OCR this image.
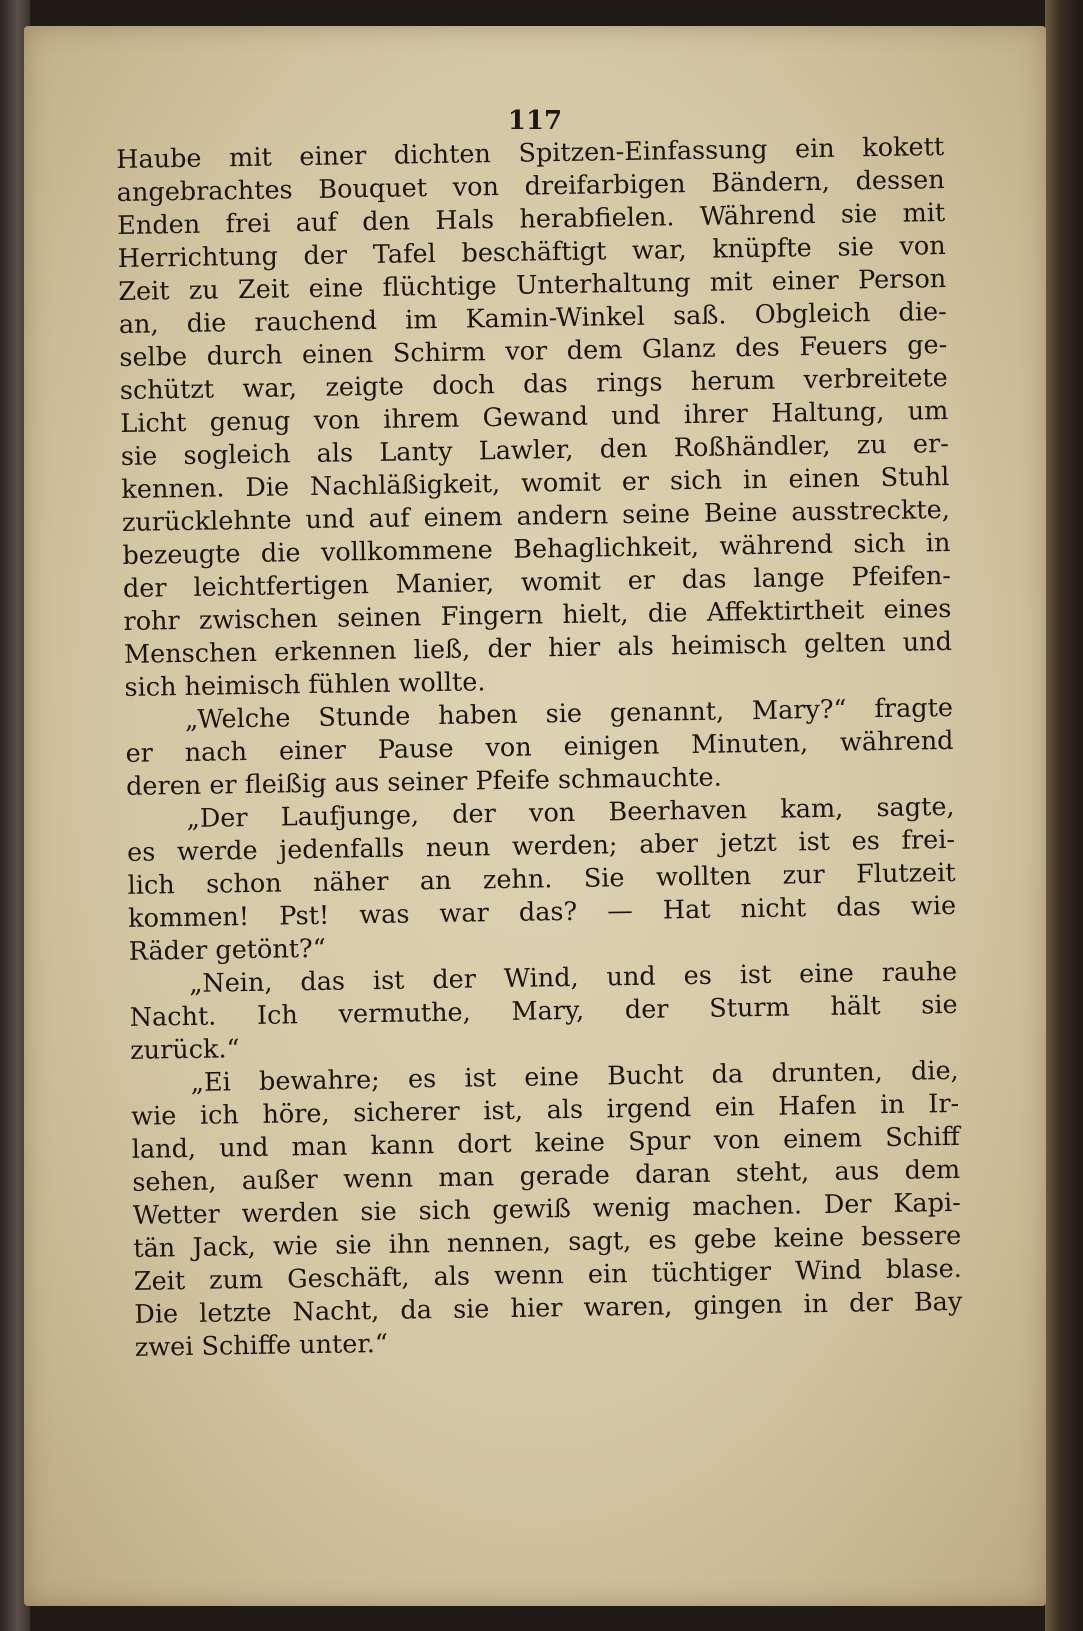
117
Haube mit einer dichten Spitzen-Einfassung ein kokett
angebrachtes Bouquet von dreifarbigen Bändern, dessen
Enden frei auf den Hals herabfielen. Während sie mit
Herrichtung der Tafel beschäftigt war, knüpfte sie von
Zeit zu Zeit eine flüchtige Unterhaltung mit einer Person
an, die rauchend im Kamin-Winkel saß. Obgleich die-
selbe durch einen Schirm vor dem Glanz des Feuers ge-
schützt war, zeigte doch das rings herum verbreitete
Licht genug von ihrem Gewand und ihrer Haltung, um
sie sogleich als Lanty Lawler, den Roßhändler, zu er-
kennen. Die Nachläßigkeit, womit er sich in einen Stuhl
zurücklehnte und auf einem andern seine Beine ausstreckte,
bezeugte die vollkommene Behaglichkeit, während sich in
der leichtfertigen Manier, womit er das lange Pfeifen-
rohr zwischen seinen Fingern hielt, die Affektirtheit eines
Menschen erkennen ließ, der hier als heimisch gelten und
sich heimisch fühlen wollte.
„Welche Stunde haben sie genannt, Mary?“ fragte
er nach einer Pause von einigen Minuten, während
deren er fleißig aus seiner Pfeife schmauchte.
„Der Laufjunge, der von Beerhaven kam, sagte,
es werde jedenfalls neun werden; aber jetzt ist es frei-
lich schon näher an zehn. Sie wollten zur Flutzeit
kommen! Pst! was war das? — Hat nicht das wie
Räder getönt?“
„Nein, das ist der Wind, und es ist eine rauhe
Nacht. Ich vermuthe, Mary, der Sturm hält sie
zurück.“
„Ei bewahre; es ist eine Bucht da drunten, die,
wie ich höre, sicherer ist, als irgend ein Hafen in Ir-
land, und man kann dort keine Spur von einem Schiff
sehen, außer wenn man gerade daran steht, aus dem
Wetter werden sie sich gewiß wenig machen. Der Kapi-
tän Jack, wie sie ihn nennen, sagt, es gebe keine bessere
Zeit zum Geschäft, als wenn ein tüchtiger Wind blase.
Die letzte Nacht, da sie hier waren, gingen in der Bay
zwei Schiffe unter.“
